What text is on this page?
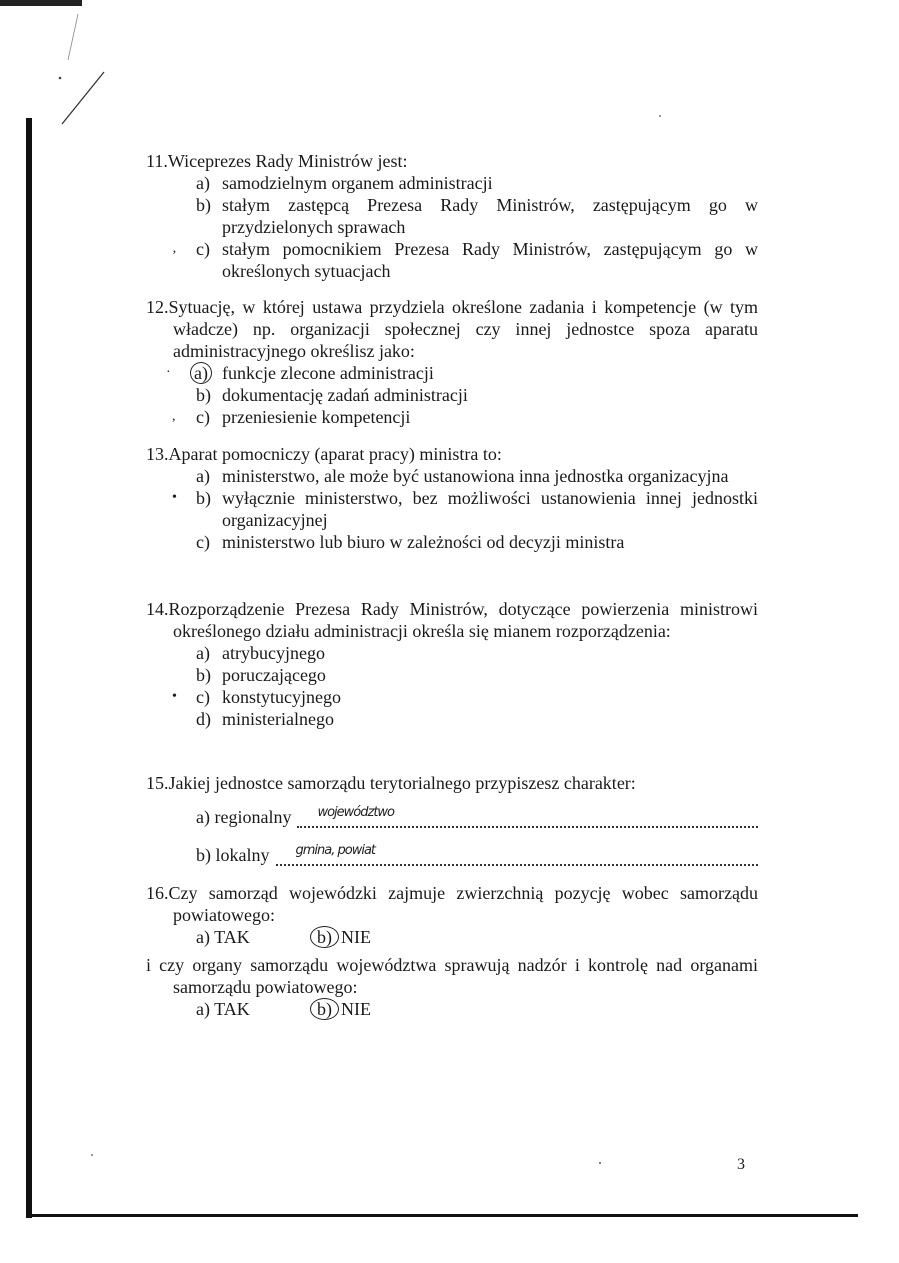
11.Wiceprezes Rady Ministrów jest:
a) samodzielnym organem administracji
b) stałym zastępcą Prezesa Rady Ministrów, zastępującym go w przydzielonych sprawach
‚ c) stałym pomocnikiem Prezesa Rady Ministrów, zastępującym go w określonych sytuacjach
12.Sytuację, w której ustawa przydziela określone zadania i kompetencje (w tym władcze) np. organizacji społecznej czy innej jednostce spoza aparatu administracyjnego określisz jako:
· a) funkcje zlecone administracji
b) dokumentację zadań administracji
, c) przeniesienie kompetencji
13.Aparat pomocniczy (aparat pracy) ministra to:
a) ministerstwo, ale może być ustanowiona inna jednostka organizacyjna
• b) wyłącznie ministerstwo, bez możliwości ustanowienia innej jednostki organizacyjnej
c) ministerstwo lub biuro w zależności od decyzji ministra
14.Rozporządzenie Prezesa Rady Ministrów, dotyczące powierzenia ministrowi określonego działu administracji określa się mianem rozporządzenia:
a) atrybucyjnego
b) poruczającego
• c) konstytucyjnego
d) ministerialnego
15.Jakiej jednostce samorządu terytorialnego przypiszesz charakter:
a) regionalny województwo
b) lokalny gmina, powiat
16.Czy samorząd wojewódzki zajmuje zwierzchnią pozycję wobec samorządu powiatowego:
a) TAK	b) NIE
i czy organy samorządu województwa sprawują nadzór i kontrolę nad organami samorządu powiatowego:
a) TAK	b) NIE
3
